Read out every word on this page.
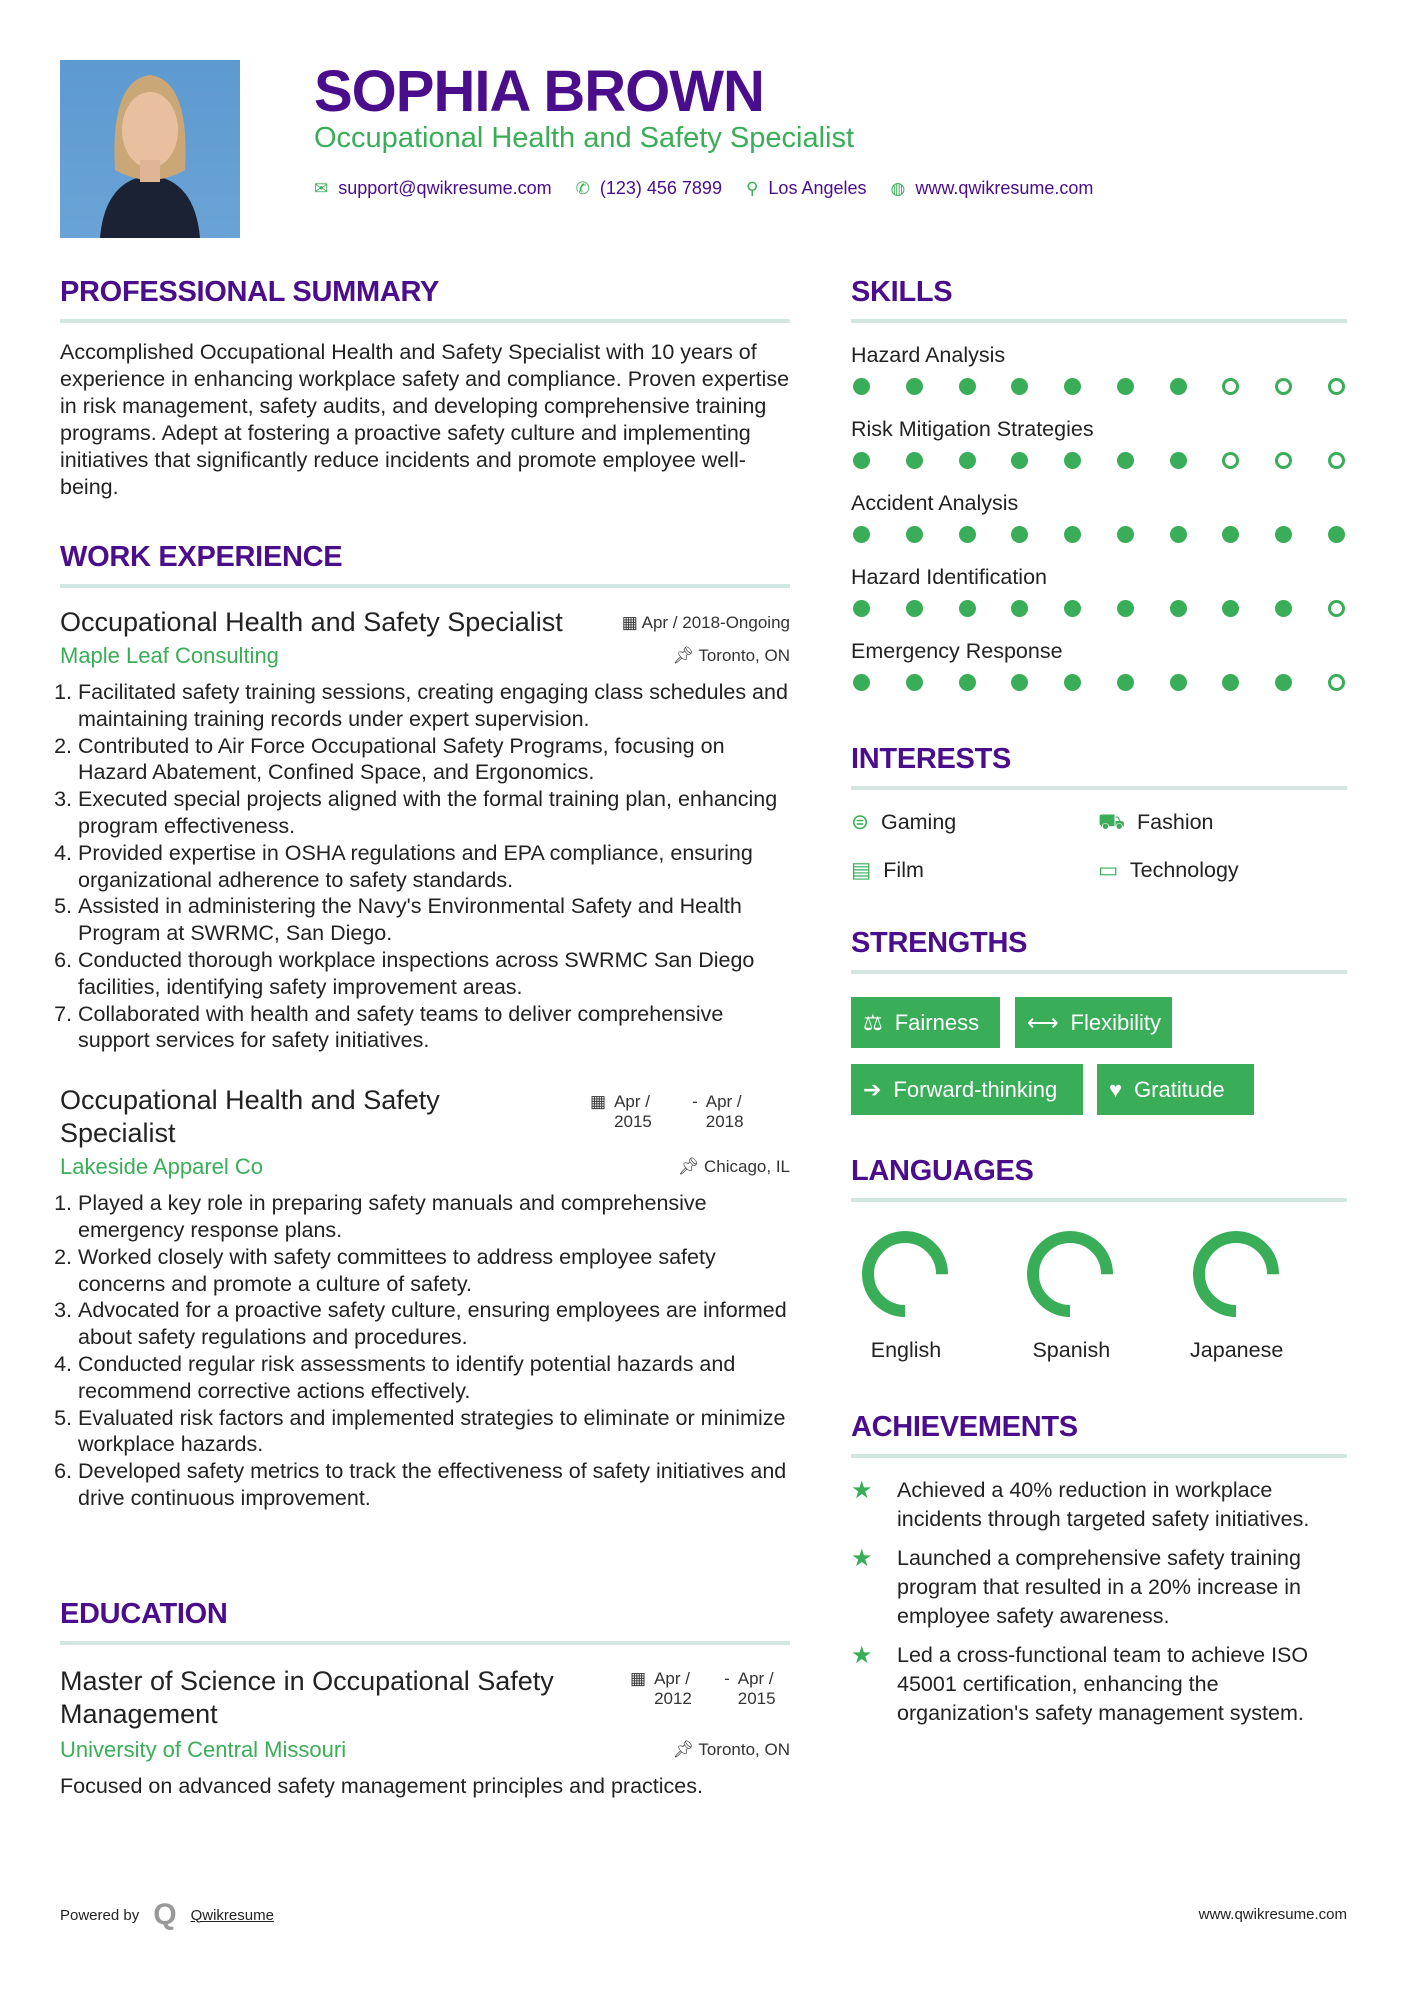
SOPHIA BROWN
Occupational Health and Safety Specialist
✉ support@qwikresume.com ✆ (123) 456 7899 ⚲ Los Angeles ◍ www.qwikresume.com
PROFESSIONAL SUMMARY

Accomplished Occupational Health and Safety Specialist with 10 years of experience in enhancing workplace safety and compliance. Proven expertise in risk management, safety audits, and developing comprehensive training programs. Adept at fostering a proactive safety culture and implementing initiatives that significantly reduce incidents and promote employee well-being.

WORK EXPERIENCE
Occupational Health and Safety Specialist	▦ Apr / 2018-Ongoing
Maple Leaf Consulting	📌︎ Toronto, ON
1. Facilitated safety training sessions, creating engaging class schedules and maintaining training records under expert supervision.
2. Contributed to Air Force Occupational Safety Programs, focusing on Hazard Abatement, Confined Space, and Ergonomics.
3. Executed special projects aligned with the formal training plan, enhancing program effectiveness.
4. Provided expertise in OSHA regulations and EPA compliance, ensuring organizational adherence to safety standards.
5. Assisted in administering the Navy's Environmental Safety and Health Program at SWRMC, San Diego.
6. Conducted thorough workplace inspections across SWRMC San Diego facilities, identifying safety improvement areas.
7. Collaborated with health and safety teams to deliver comprehensive support services for safety initiatives.
Occupational Health and Safety Specialist
▦ Apr / 2015
- Apr / 2018
Lakeside Apparel Co	📌︎ Chicago, IL
1. Played a key role in preparing safety manuals and comprehensive emergency response plans.
2. Worked closely with safety committees to address employee safety concerns and promote a culture of safety.
3. Advocated for a proactive safety culture, ensuring employees are informed about safety regulations and procedures.
4. Conducted regular risk assessments to identify potential hazards and recommend corrective actions effectively.
5. Evaluated risk factors and implemented strategies to eliminate or minimize workplace hazards.
6. Developed safety metrics to track the effectiveness of safety initiatives and drive continuous improvement.
EDUCATION
Master of Science in Occupational Safety Management
▦ Apr / 2012
- Apr / 2015
University of Central Missouri	📌︎ Toronto, ON

Focused on advanced safety management principles and practices.

SKILLS
Hazard Analysis
Risk Mitigation Strategies
Accident Analysis
Hazard Identification
Emergency Response
INTERESTS
⊜ Gaming	⛟ Fashion
▤ Film	▭ Technology
STRENGTHS
⚖ Fairness ⟷ Flexibility
➔ Forward-thinking ♥ Gratitude
LANGUAGES
English	Spanish	Japanese
ACHIEVEMENTS
★	Achieved a 40% reduction in workplace incidents through targeted safety initiatives.
★	Launched a comprehensive safety training program that resulted in a 20% increase in employee safety awareness.
★	Led a cross-functional team to achieve ISO 45001 certification, enhancing the organization's safety management system.
Powered by Q Qwikresume	www.qwikresume.com
